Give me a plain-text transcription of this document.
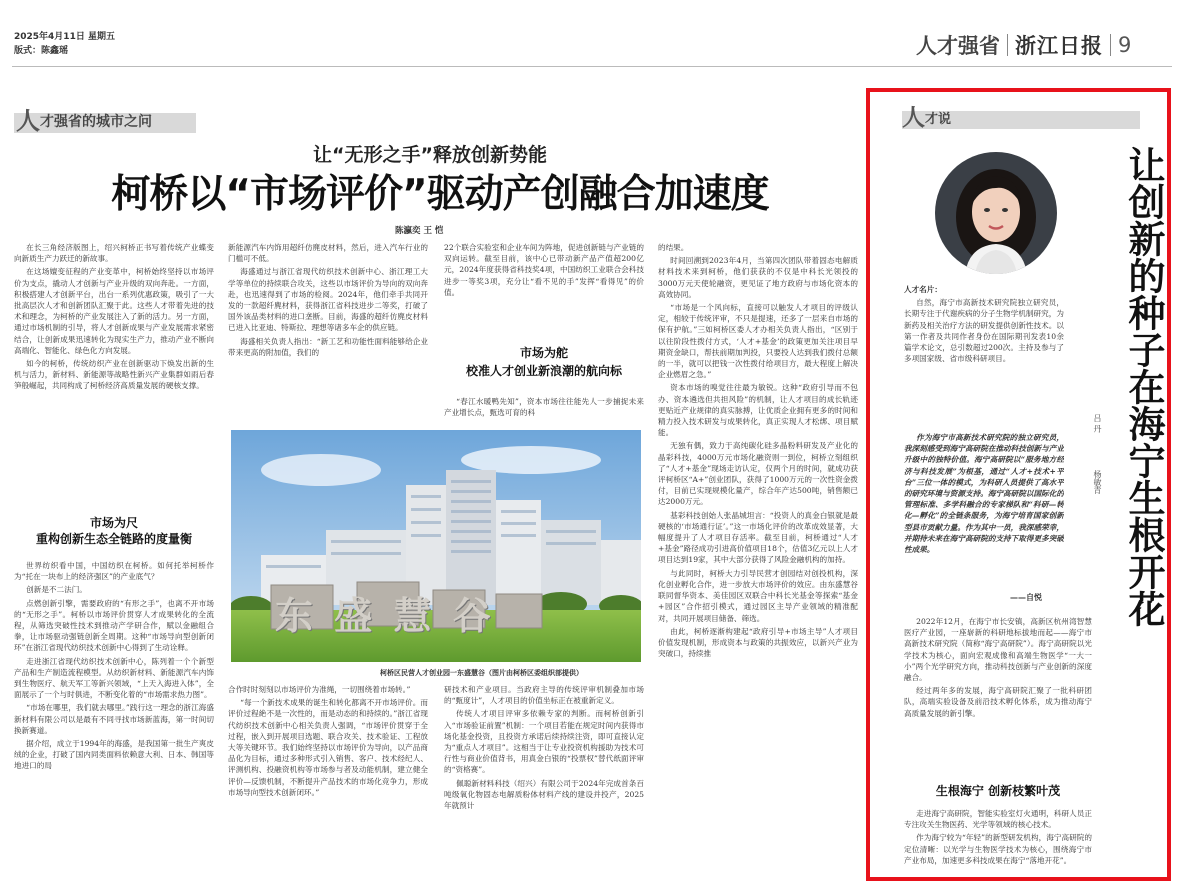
2025年4月11日 星期五
版式：陈鑫瑶	人才强省 浙江日报 9
人 才强省的城市之问
让“无形之手”释放创新势能
柯桥以“市场评价”驱动产创融合加速度
陈瀛奕 王 恺

在长三角经济版图上，绍兴柯桥正书写着传统产业蝶变向新质生产力跃迁的新故事。

在这场嬗变征程的产业变革中，柯桥始终坚持以市场评价为支点，撬动人才创新与产业升级的双向奔赴。一方面，积极搭建人才创新平台，出台一系列优惠政策，吸引了一大批高层次人才和创新团队汇聚于此。这些人才带着先进的技术和理念，为柯桥的产业发展注入了新的活力。另一方面，通过市场机制的引导，将人才创新成果与产业发展需求紧密结合，让创新成果迅速转化为现实生产力，推动产业不断向高端化、智能化、绿色化方向发展。

如今的柯桥，传统纺织产业在创新驱动下焕发出新的生机与活力，新材料、新能源等战略性新兴产业集群如雨后春笋般崛起，共同构成了柯桥经济高质量发展的硬核支撑。

市场为尺
重构创新生态全链路的度量衡

世界纺织看中国，中国纺织在柯桥。如何托举柯桥作为“托在一块布上的经济强区”的产业底气？

创新是不二法门。

点燃创新引擎，需要政府的“有形之手”，也离不开市场的“无形之手”。柯桥以市场评价贯穿人才成果转化的全流程，从筛选突破性技术到推动产学研合作，赋以金融组合拳，让市场驱动强链创新全周期。这种“市场导向型创新闭环”在浙江省现代纺织技术创新中心得到了生动诠释。

走进浙江省现代纺织技术创新中心，陈列着一个个新型产品和生产制造流程模型。从纺织新材料、新能源汽车内饰到生物医疗、航天军工等新兴领域，“上天入海进入体”，全面展示了一个与时俱进，不断变化着的“市场需求热力图”。

“市场在哪里，我们就去哪里。”践行这一理念的浙江海盛新材料有限公司以是最有不同寻找市场新蓝海，第一时间切换新赛道。

据介绍，成立于1994年的海盛，是我国第一批生产爽皮绒的企业，打破了国内同类面料依赖意大利、日本、韩国等地进口的局

新能源汽车内饰用超纤仿麂皮材料，然后，进入汽车行业的门槛可不低。

海盛通过与浙江省现代纺织技术创新中心、浙江理工大学等单位的持续联合攻关，这些以市场评价为导向的双向奔赴，也迅速得到了市场的检阅。2024年，他们牵手共同开发的一款超纤麂材料，获得浙江省科技进步二等奖，打破了国外该品类材料的进口垄断。目前，海盛的超纤仿麂皮材料已进入比亚迪、特斯拉、理想等诸多车企的供应链。

海盛相关负责人指出：“新工艺和功能性面料能够给企业带来更高的附加值，我们的

22个联合实验室和企业车间为阵地，促进创新链与产业链的双向运转。截至目前，该中心已带动新产品产值超200亿元，2024年度获得省科技奖4项，中国纺织工业联合会科技进步一等奖3项，充分让“看不见的手”发挥“看得见”的价值。

市场为舵
校准人才创业新浪潮的航向标

“春江水暖鸭先知”，资本市场往往能先人一步捕捉未来产业增长点，甄选可育的科

东 盛 慧 谷
柯桥区民营人才创业园一东盛慧谷（图片由柯桥区委组织部提供）

合作时时刻刻以市场评价为准绳，一切围绕着市场转。”

“每一个新技术成果的诞生和转化都离不开市场评价。而评价过程絶不是一次性的，而是动态的和持续的。”浙江省现代纺织技术创新中心相关负责人强调，“市场评价贯穿于全过程，嵌入到开展项目选题、联合攻关、技术验证、工程放大等关键环节。我们始终坚持以市场评价为导向，以产品商品化为目标，通过多种形式引入销售、客户、技术经纪人、评测机构、投融资机构等市场参与者及动能机制，建立健全评价—反馈机制，不断提升产品技术的市场化竞争力，形成市场导向型技术创新闭环。”

研技术和产业项目。当政府主导的传统评审机制叠加市场的“甄度计”，人才项目的价值坐标正在被重新定义。

传统人才项目评审多依赖专家的判断。而柯桥创新引入“市场验证前置”机制：一个项目若能在规定时间内获得市场化基金投资，且投资方承诺后续持续注资，即可直接认定为“重点人才项目”。这相当于让专业投资机构援助为技术可行性与商业价值背书，用真金白银的“投票权”替代纸面评审的“资格赛”。

佩聪新材料科技（绍兴）有限公司于2024年完成首条百吨级氧化物固态电解质粉体材料产线的建设并投产，2025年就预计

的结果。

时间回溯到2023年4月，当第四次团队带着固态电解质材料技术来到柯桥，他们获获的不仅是中科长光领投的3000万元天使轮融资，更见证了地方政府与市场化资本的高效协同。

“市场是一个风向标，直接可以触发人才项目的评级认定，相较于传统评审，不只是提速，还多了一层来自市场的保有护航。”三如柯桥区委人才办相关负责人指出，“区别于以往阶段性拨付方式，‘人才+基金’的政策更加关注项目早期资金缺口，帮扶前期加判投，只要投人达到我们拨付总额的一半，就可以把钱一次性拨付给项目方，最大程度上解决企业燃眉之急。”

资本市场的嗅觉往往最为敏锐。这种“政府引导而不包办、资本遴选但共担风险”的机制，让人才项目的成长轨迹更贴近产业规律的真实脉搏，让优质企业拥有更多的时间和精力投入技术研发与成果转化，真正实现人才松绑、项目赋能。

无独有偶，致力于高纯碳化硅多晶粉料研发及产业化的晶彩科技，4000万元市场化融资则一到位，柯桥立刻组织了“人才+基金”现场走访认定，仅两个月的时间，就成功获评柯桥区“A+”创业团队，获得了1000万元的一次性资金拨付，目前已实现规模化量产，综合年产达500吨，销售额已达2000万元。

基彩科技创始人张晶城坦言：“投资人的真金白银就是最硬核的‘市场通行证’。”这一市场化评价的改革成效显著，大幅度提升了人才项目存活率。截至目前，柯桥通过“人才+基金”路径成功引进高价值项目18个，估值3亿元以上人才项目达到19家，其中大部分获得了风险金融机构的加持。

与此同时，柯桥大力引导民营才创园结对创投机构，深化创业孵化合作，进一步放大市场评价的效应。由东盛慧谷联同督华资本、美佳园区双联合中科长光基金等探索“基金+园区”合作招引模式，通过园区主导产业领域的精准配对，共同开展项目储备、筛选。

由此，柯桥逐渐构建起“政府引导+市场主导”人才项目价值发现机制，形成资本与政策的共振效应，以新兴产业为突破口，持续推

人 才说
让创新的种子在海宁生根开花
吕 丹
杨敏青

人才名片：

自然，海宁市高新技术研究院独立研究员，长期专注于代谢疾病的分子生物学机制研究，为新药及相关治疗方法的研发提供创新性技术。以第一作者及共同作者身份在国际期刊发表10余篇学术论文，总引数超过200次。主持及参与了多项国家级、省市级科研项目。

作为海宁市高新技术研究院的独立研究员，我深刻感受到海宁高研院在推动科技创新与产业升级中的独特价值。海宁高研院以“服务地方经济与科技发展”为根基，通过“人才+技术+平台”三位一体的模式，为科研人员提供了高水平的研究环境与资源支持。海宁高研院以国际化的管理标准、多学科融合的专家梯队和“科研—转化—孵化”的全链条服务，为海宁培育国家创新型县市贡献力量。作为其中一员，我深感荣幸，并期待未来在海宁高研院的支持下取得更多突破性成果。

——自悦

2022年12月，在海宁市长安镇，高新区杭州湾智慧医疗产业园，一座崭新的科研地标拔地而起——海宁市高新技术研究院（简称“海宁高研院”）。海宁高研院以光学技术为核心，面向宏观成像和高端生物医学“一大一小”两个光学研究方向，推动科技创新与产业创新的深度融合。

经过两年多的发展，海宁高研院汇聚了一批科研团队，高端实验设备及前沿技术孵化体系，成为推动海宁高质量发展的新引擎。

生根海宁 创新枝繁叶茂

走进海宁高研院，智能实验室灯火通明，科研人员正专注攻关生物医药、光学等领域的核心技术。

作为海宁较为“年轻”的新型研发机构，海宁高研院的定位清晰：以光学与生物医学技术为核心，围绕海宁市产业布局，加速更多科技成果在海宁“落地开花”。
